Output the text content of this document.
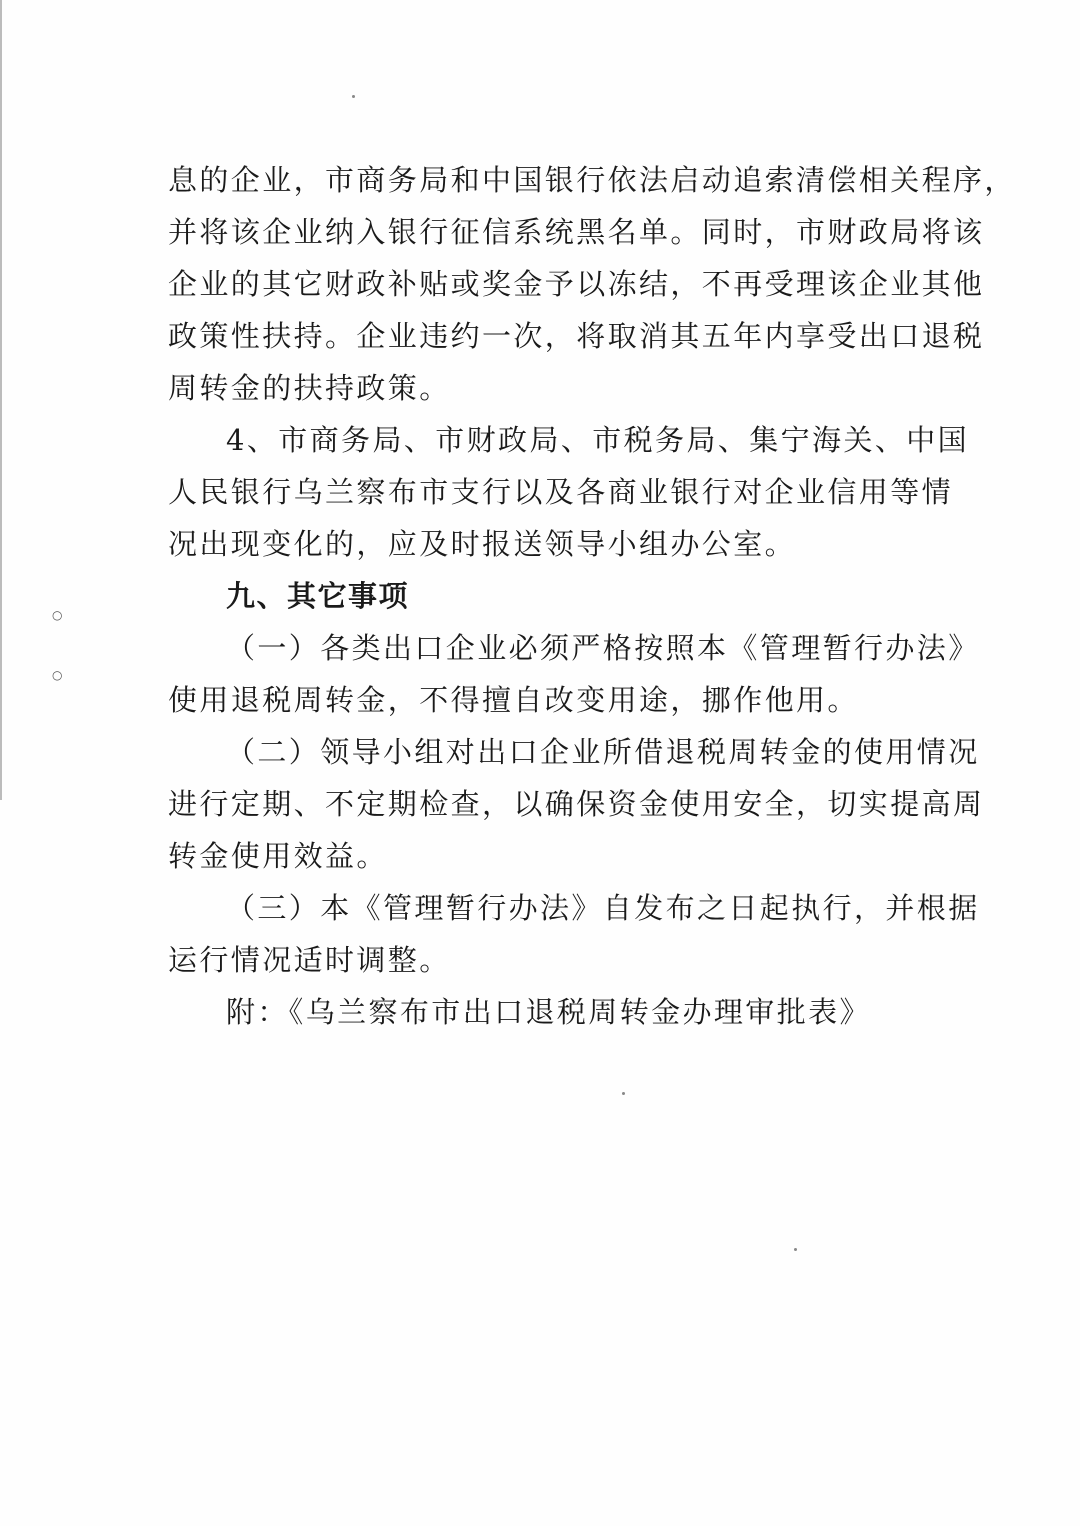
息的企业，市商务局和中国银行依法启动追索清偿相关程序，
并将该企业纳入银行征信系统黑名单。同时，市财政局将该
企业的其它财政补贴或奖金予以冻结，不再受理该企业其他
政策性扶持。企业违约一次，将取消其五年内享受出口退税
周转金的扶持政策。
4、市商务局、市财政局、市税务局、集宁海关、中国
人民银行乌兰察布市支行以及各商业银行对企业信用等情
况出现变化的，应及时报送领导小组办公室。
九、其它事项
（一）各类出口企业必须严格按照本《管理暂行办法》
使用退税周转金，不得擅自改变用途，挪作他用。
（二）领导小组对出口企业所借退税周转金的使用情况
进行定期、不定期检查，以确保资金使用安全，切实提高周
转金使用效益。
（三）本《管理暂行办法》自发布之日起执行，并根据
运行情况适时调整。
附：《乌兰察布市出口退税周转金办理审批表》
○
○
